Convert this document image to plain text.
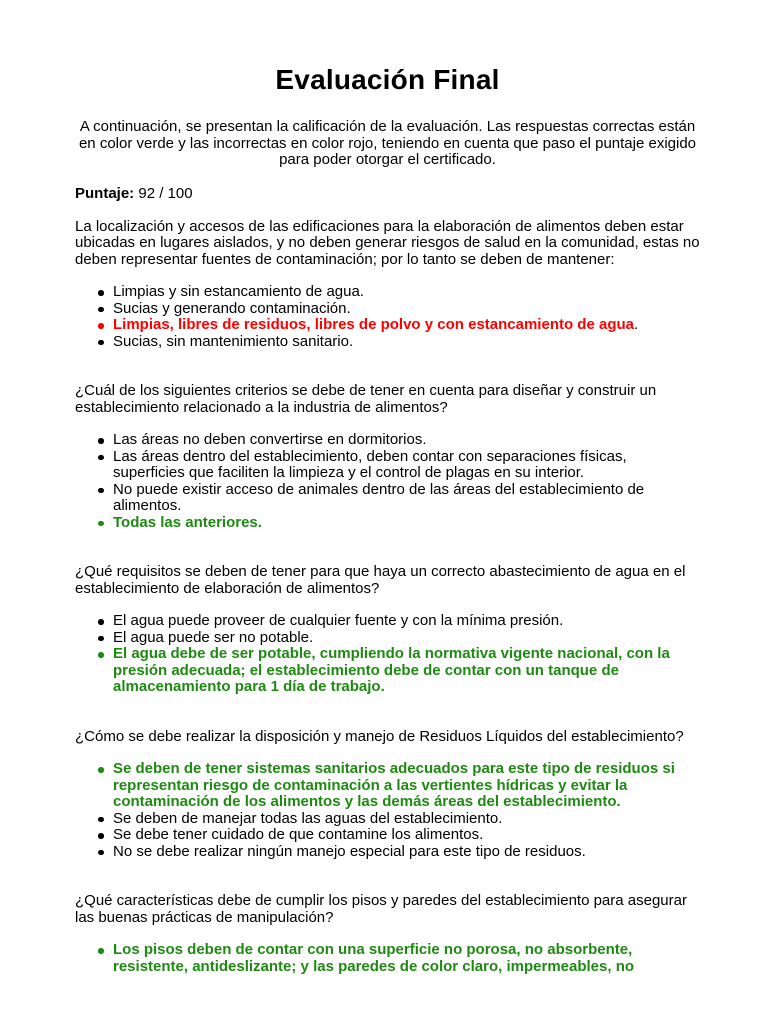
Evaluación Final

A continuación, se presentan la calificación de la evaluación. Las respuestas correctas están en color verde y las incorrectas en color rojo, teniendo en cuenta que paso el puntaje exigido para poder otorgar el certificado.

Puntaje: 92 / 100

La localización y accesos de las edificaciones para la elaboración de alimentos deben estar ubicadas en lugares aislados, y no deben generar riesgos de salud en la comunidad, estas no deben representar fuentes de contaminación; por lo tanto se deben de mantener:

Limpias y sin estancamiento de agua.
Sucias y generando contaminación.
Limpias, libres de residuos, libres de polvo y con estancamiento de agua.
Sucias, sin mantenimiento sanitario.

¿Cuál de los siguientes criterios se debe de tener en cuenta para diseñar y construir un establecimiento relacionado a la industria de alimentos?

Las áreas no deben convertirse en dormitorios.
Las áreas dentro del establecimiento, deben contar con separaciones físicas, superficies que faciliten la limpieza y el control de plagas en su interior.
No puede existir acceso de animales dentro de las áreas del establecimiento de alimentos.
Todas las anteriores.

¿Qué requisitos se deben de tener para que haya un correcto abastecimiento de agua en el establecimiento de elaboración de alimentos?

El agua puede proveer de cualquier fuente y con la mínima presión.
El agua puede ser no potable.
El agua debe de ser potable, cumpliendo la normativa vigente nacional, con la presión adecuada; el establecimiento debe de contar con un tanque de almacenamiento para 1 día de trabajo.

¿Cómo se debe realizar la disposición y manejo de Residuos Líquidos del establecimiento?

Se deben de tener sistemas sanitarios adecuados para este tipo de residuos si representan riesgo de contaminación a las vertientes hídricas y evitar la contaminación de los alimentos y las demás áreas del establecimiento.
Se deben de manejar todas las aguas del establecimiento.
Se debe tener cuidado de que contamine los alimentos.
No se debe realizar ningún manejo especial para este tipo de residuos.

¿Qué características debe de cumplir los pisos y paredes del establecimiento para asegurar las buenas prácticas de manipulación?

Los pisos deben de contar con una superficie no porosa, no absorbente, resistente, antideslizante; y las paredes de color claro, impermeables, no
